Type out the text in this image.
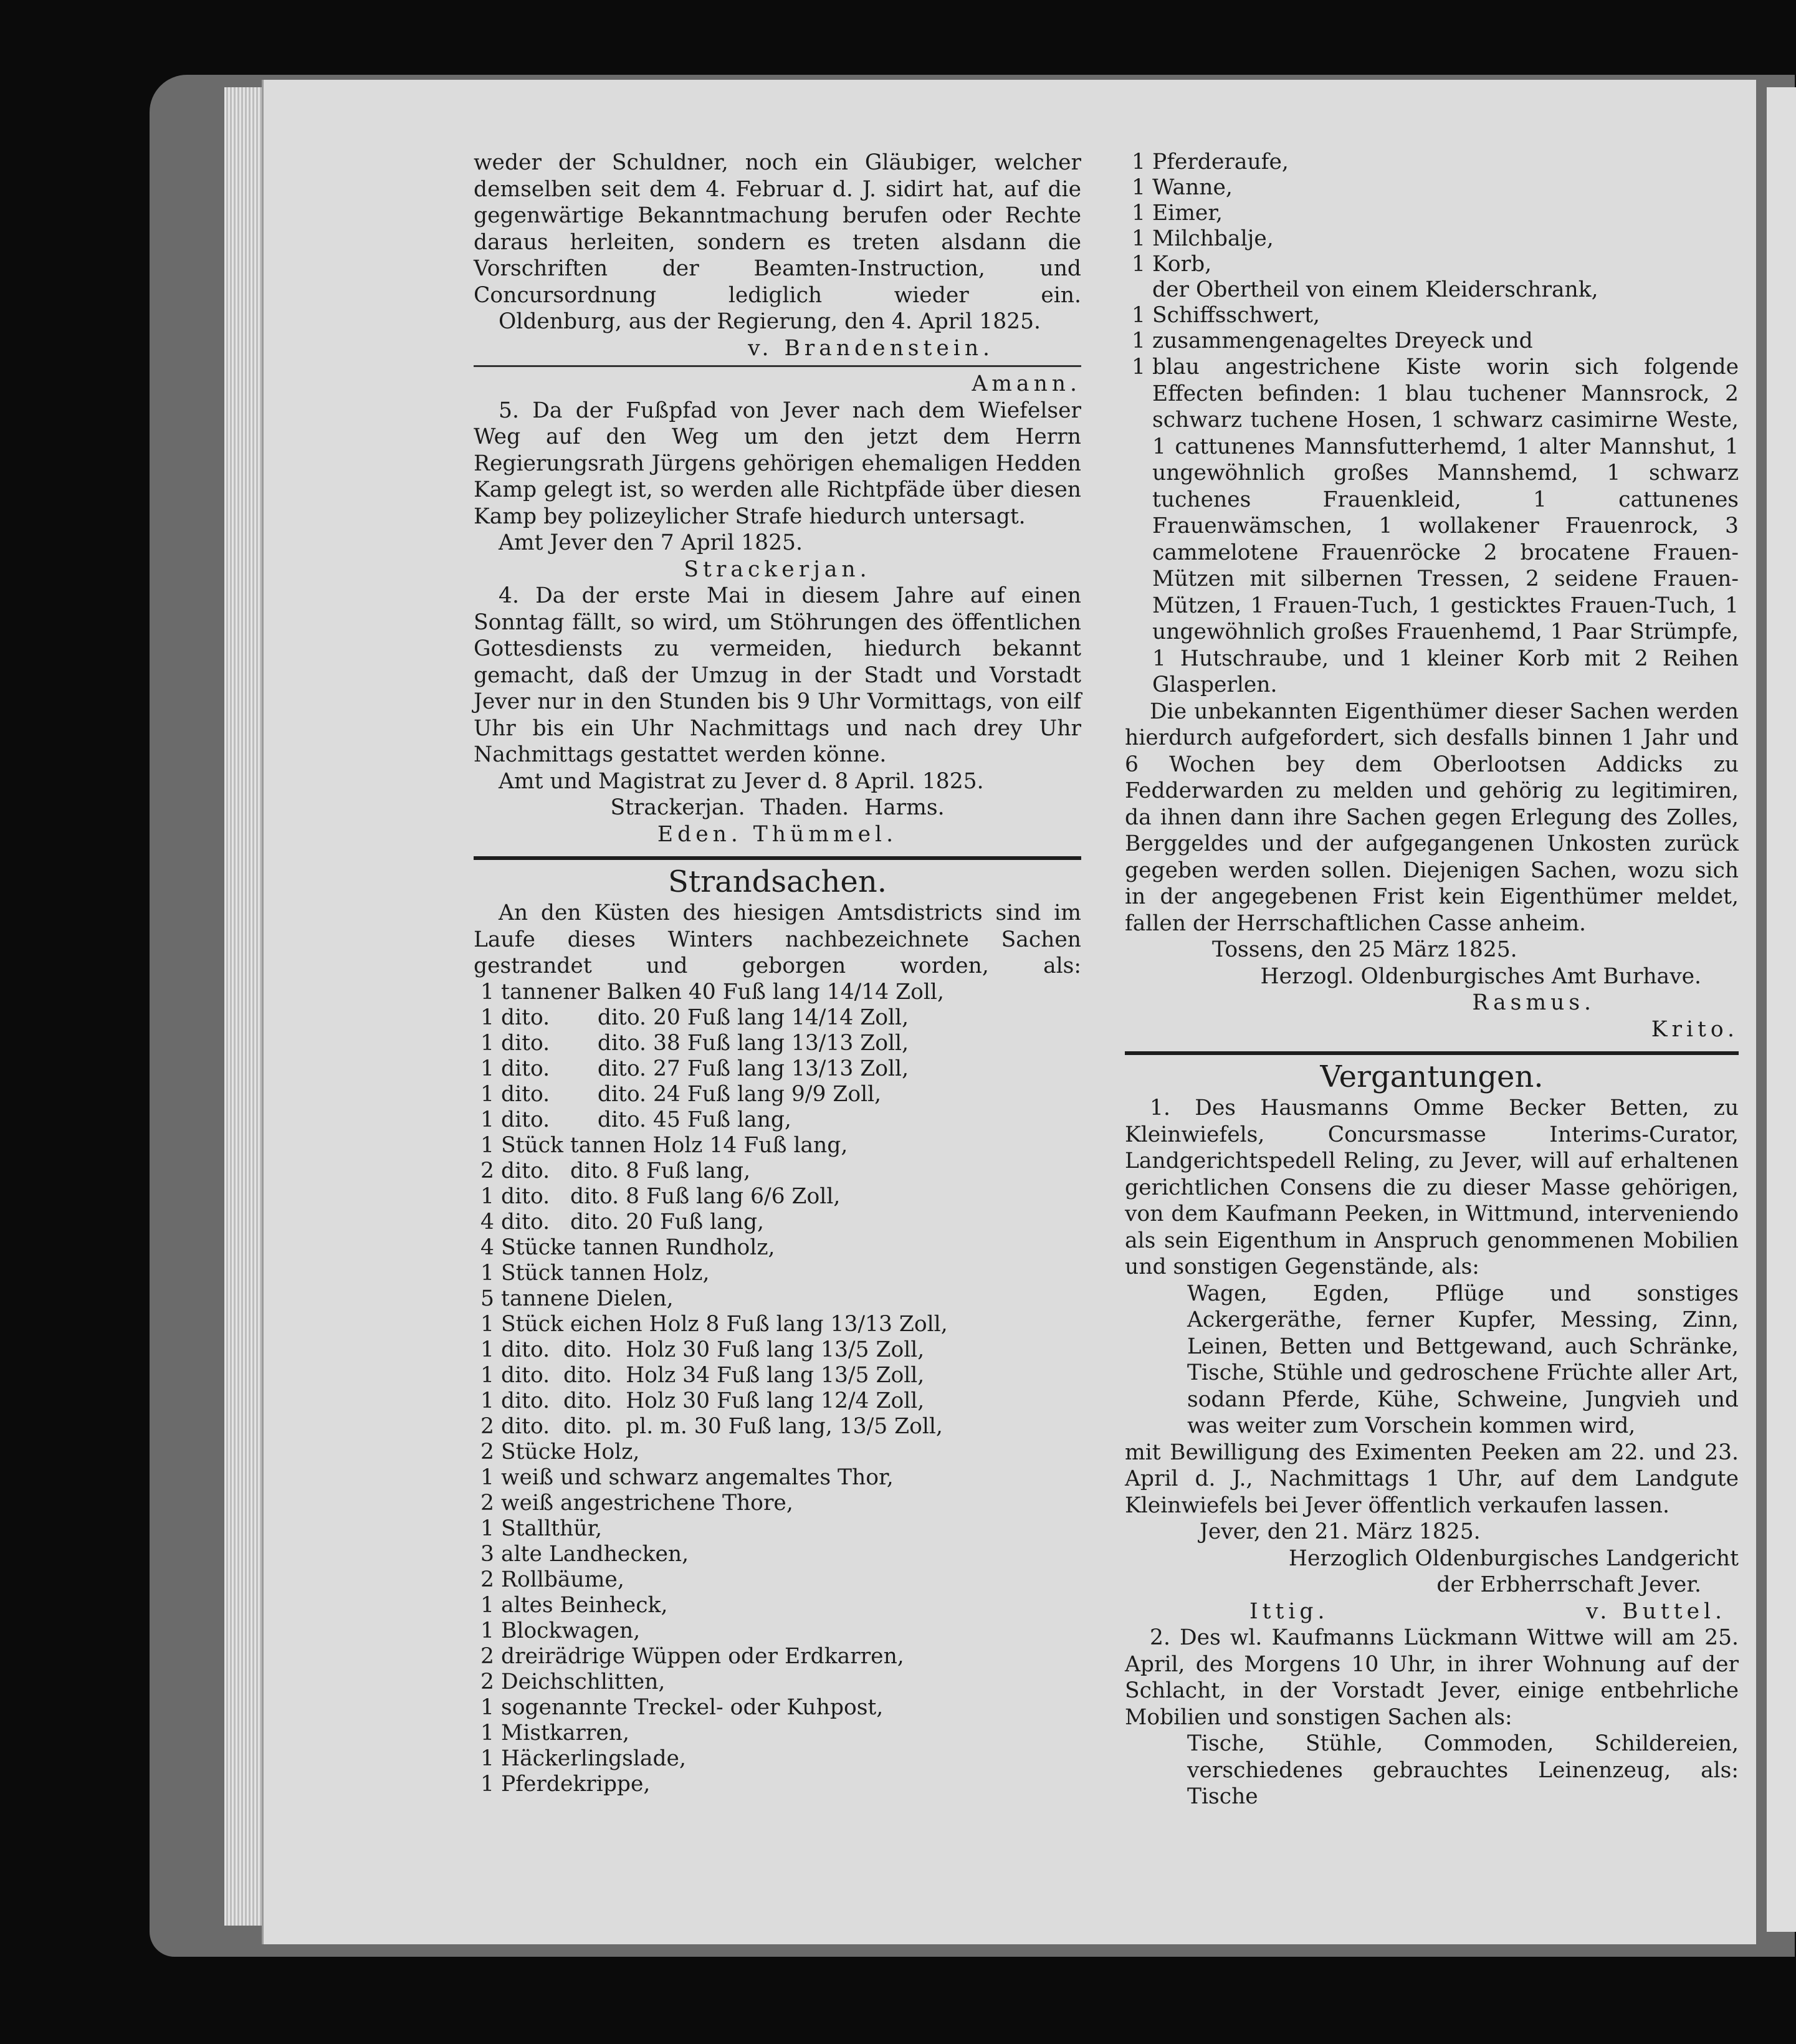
weder der Schuldner, noch ein Gläubiger, welcher demselben seit dem 4. Februar d. J. sidirt hat, auf die gegenwärtige Bekanntmachung berufen oder Rechte daraus herleiten, sondern es treten alsdann die Vorschriften der Beamten-Instruction, und Concursordnung lediglich wieder ein.

Oldenburg, aus der Regierung, den 4. April 1825.

v. Brandenstein.

Amann.

5. Da der Fußpfad von Jever nach dem Wiefelser Weg auf den Weg um den jetzt dem Herrn Regierungsrath Jürgens gehörigen ehemaligen Hedden Kamp gelegt ist, so werden alle Richtpfäde über diesen Kamp bey polizeylicher Strafe hiedurch untersagt.

Amt Jever den 7 April 1825.

Strackerjan.

4. Da der erste Mai in diesem Jahre auf einen Sonntag fällt, so wird, um Stöhrungen des öffentlichen Gottesdiensts zu vermeiden, hiedurch bekannt gemacht, daß der Umzug in der Stadt und Vorstadt Jever nur in den Stunden bis 9 Uhr Vormittags, von eilf Uhr bis ein Uhr Nachmittags und nach drey Uhr Nachmittags gestattet werden könne.

Amt und Magistrat zu Jever d. 8 April. 1825.

Strackerjan. Thaden. Harms.

Eden. Thümmel.

Strandsachen.

An den Küsten des hiesigen Amtsdistricts sind im Laufe dieses Winters nachbezeichnete Sachen gestrandet und geborgen worden, als:

1 tannener Balken 40 Fuß lang 14/14 Zoll,
1 dito.       dito. 20 Fuß lang 14/14 Zoll,
1 dito.       dito. 38 Fuß lang 13/13 Zoll,
1 dito.       dito. 27 Fuß lang 13/13 Zoll,
1 dito.       dito. 24 Fuß lang 9/9 Zoll,
1 dito.       dito. 45 Fuß lang,
1 Stück tannen Holz 14 Fuß lang,
2 dito.   dito. 8 Fuß lang,
1 dito.   dito. 8 Fuß lang 6/6 Zoll,
4 dito.   dito. 20 Fuß lang,
4 Stücke tannen Rundholz,
1 Stück tannen Holz,
5 tannene Dielen,
1 Stück eichen Holz 8 Fuß lang 13/13 Zoll,
1 dito.  dito.  Holz 30 Fuß lang 13/5 Zoll,
1 dito.  dito.  Holz 34 Fuß lang 13/5 Zoll,
1 dito.  dito.  Holz 30 Fuß lang 12/4 Zoll,
2 dito.  dito.  pl. m. 30 Fuß lang, 13/5 Zoll,
2 Stücke Holz,
1 weiß und schwarz angemaltes Thor,
2 weiß angestrichene Thore,
1 Stallthür,
3 alte Landhecken,
2 Rollbäume,
1 altes Beinheck,
1 Blockwagen,
2 dreirädrige Wüppen oder Erdkarren,
2 Deichschlitten,
1 sogenannte Treckel- oder Kuhpost,
1 Mistkarren,
1 Häckerlingslade,
1 Pferdekrippe,
1 Pferderaufe,
1 Wanne,
1 Eimer,
1 Milchbalje,
1 Korb,
der Obertheil von einem Kleiderschrank,
1 Schiffsschwert,
1 zusammengenageltes Dreyeck und
1 blau angestrichene Kiste worin sich folgende Effecten befinden: 1 blau tuchener Mannsrock, 2 schwarz tuchene Hosen, 1 schwarz casimirne Weste, 1 cattunenes Mannsfutterhemd, 1 alter Mannshut, 1 ungewöhnlich großes Mannshemd, 1 schwarz tuchenes Frauenkleid, 1 cattunenes Frauenwämschen, 1 wollakener Frauenrock, 3 cammelotene Frauenröcke 2 brocatene Frauen-Mützen mit silbernen Tressen, 2 seidene Frauen-Mützen, 1 Frauen-Tuch, 1 gesticktes Frauen-Tuch, 1 ungewöhnlich großes Frauenhemd, 1 Paar Strümpfe, 1 Hutschraube, und 1 kleiner Korb mit 2 Reihen Glasperlen.

Die unbekannten Eigenthümer dieser Sachen werden hierdurch aufgefordert, sich desfalls binnen 1 Jahr und 6 Wochen bey dem Oberlootsen Addicks zu Fedderwarden zu melden und gehörig zu legitimiren, da ihnen dann ihre Sachen gegen Erlegung des Zolles, Berggeldes und der aufgegangenen Unkosten zurück gegeben werden sollen. Diejenigen Sachen, wozu sich in der angegebenen Frist kein Eigenthümer meldet, fallen der Herrschaftlichen Casse anheim.

Tossens, den 25 März 1825.

Herzogl. Oldenburgisches Amt Burhave.

Rasmus.

Krito.

Vergantungen.

1. Des Hausmanns Omme Becker Betten, zu Kleinwiefels, Concursmasse Interims-Curator, Landgerichtspedell Reling, zu Jever, will auf erhaltenen gerichtlichen Consens die zu dieser Masse gehörigen, von dem Kaufmann Peeken, in Wittmund, interveniendo als sein Eigenthum in Anspruch genommenen Mobilien und sonstigen Gegenstände, als:

Wagen, Egden, Pflüge und sonstiges Ackergeräthe, ferner Kupfer, Messing, Zinn, Leinen, Betten und Bettgewand, auch Schränke, Tische, Stühle und gedroschene Früchte aller Art, sodann Pferde, Kühe, Schweine, Jungvieh und was weiter zum Vorschein kommen wird,

mit Bewilligung des Eximenten Peeken am 22. und 23. April d. J., Nachmittags 1 Uhr, auf dem Landgute Kleinwiefels bei Jever öffentlich verkaufen lassen.

Jever, den 21. März 1825.

Herzoglich Oldenburgisches Landgericht

der Erbherrschaft Jever.

Ittig.	v. Buttel.

2. Des wl. Kaufmanns Lückmann Wittwe will am 25. April, des Morgens 10 Uhr, in ihrer Wohnung auf der Schlacht, in der Vorstadt Jever, einige entbehrliche Mobilien und sonstigen Sachen als:

Tische, Stühle, Commoden, Schildereien, verschiedenes gebrauchtes Leinenzeug, als: Tische
